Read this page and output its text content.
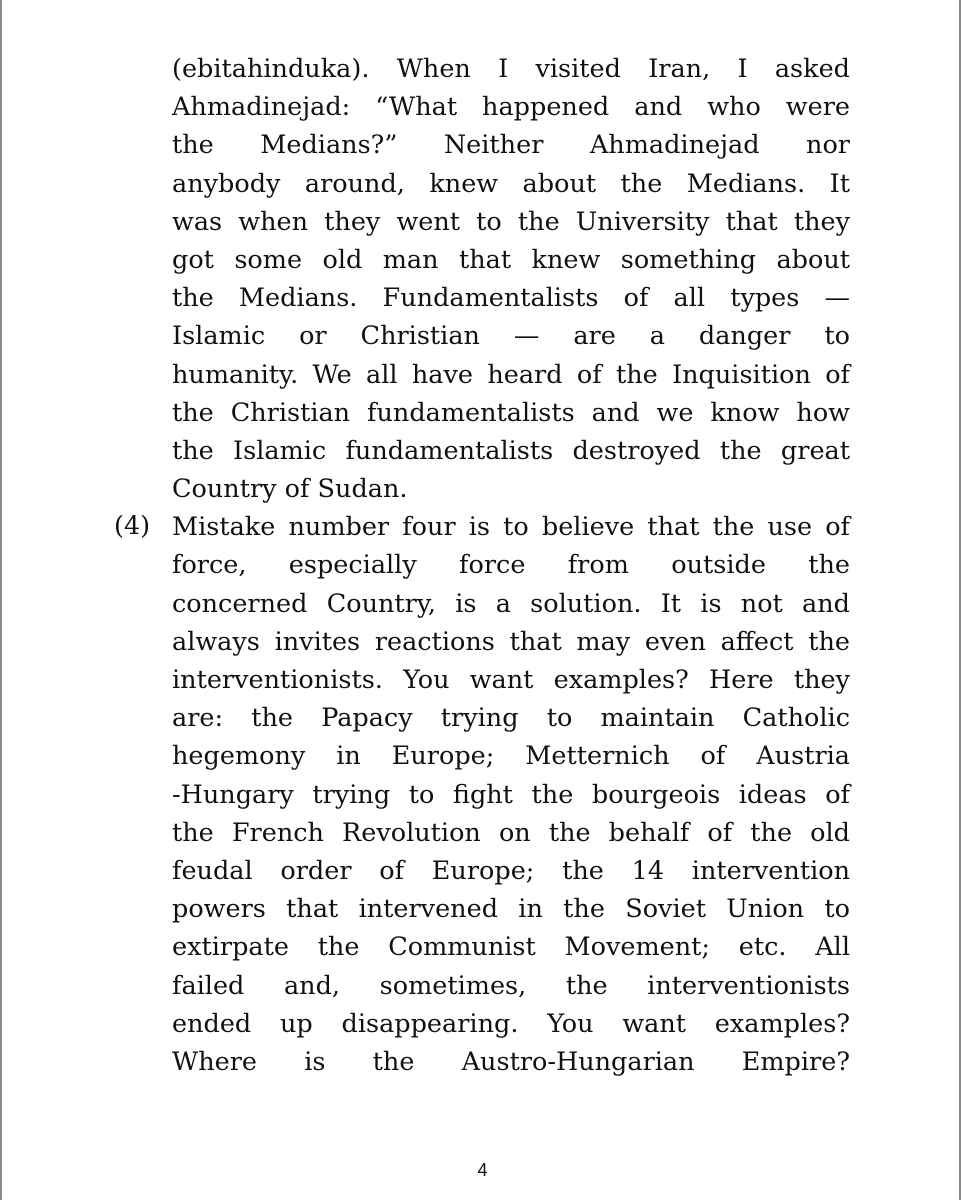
(ebitahinduka). When I visited Iran, I asked
Ahmadinejad: “What happened and who were
the Medians?” Neither Ahmadinejad nor
anybody around, knew about the Medians. It
was when they went to the University that they
got some old man that knew something about
the Medians. Fundamentalists of all types —
Islamic or Christian — are a danger to
humanity. We all have heard of the Inquisition of
the Christian fundamentalists and we know how
the Islamic fundamentalists destroyed the great
Country of Sudan.
Mistake number four is to believe that the use of
force, especially force from outside the
concerned Country, is a solution. It is not and
always invites reactions that may even affect the
interventionists. You want examples? Here they
are: the Papacy trying to maintain Catholic
hegemony in Europe; Metternich of Austria
-Hungary trying to fight the bourgeois ideas of
the French Revolution on the behalf of the old
feudal order of Europe; the 14 intervention
powers that intervened in the Soviet Union to
extirpate the Communist Movement; etc. All
failed and, sometimes, the interventionists
ended up disappearing. You want examples?
Where is the Austro-Hungarian Empire?
(4)
4
